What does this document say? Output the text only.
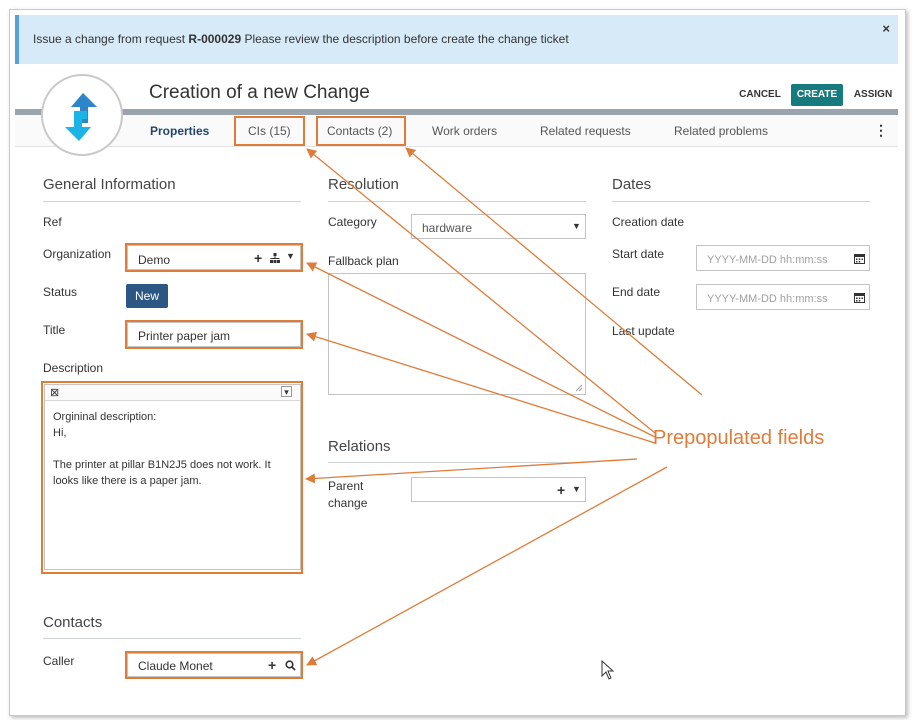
Issue a change from request R-000029 Please review the description before create the change ticket
×
Creation of a new Change	CANCEL	CREATE	ASSIGN
Properties	CIs (15)	Contacts (2)	Work orders	Related requests	Related problems	⋮
General Information
Ref
Organization Demo	+	▼
Status	New
Title	Printer paper jam
Description
⊠	▾

Orgininal description:

Hi,

The printer at pillar B1N2J5 does not work. It looks like there is a paper jam.

Resolution
Category	hardware	▼
Fallback plan
Relations
Parent
change
+ ▼
Dates
Creation date
Start date	YYYY-MM-DD hh:mm:ss
End date	YYYY-MM-DD hh:mm:ss
Last update
Contacts
Caller	Claude Monet	+
Prepopulated fields
